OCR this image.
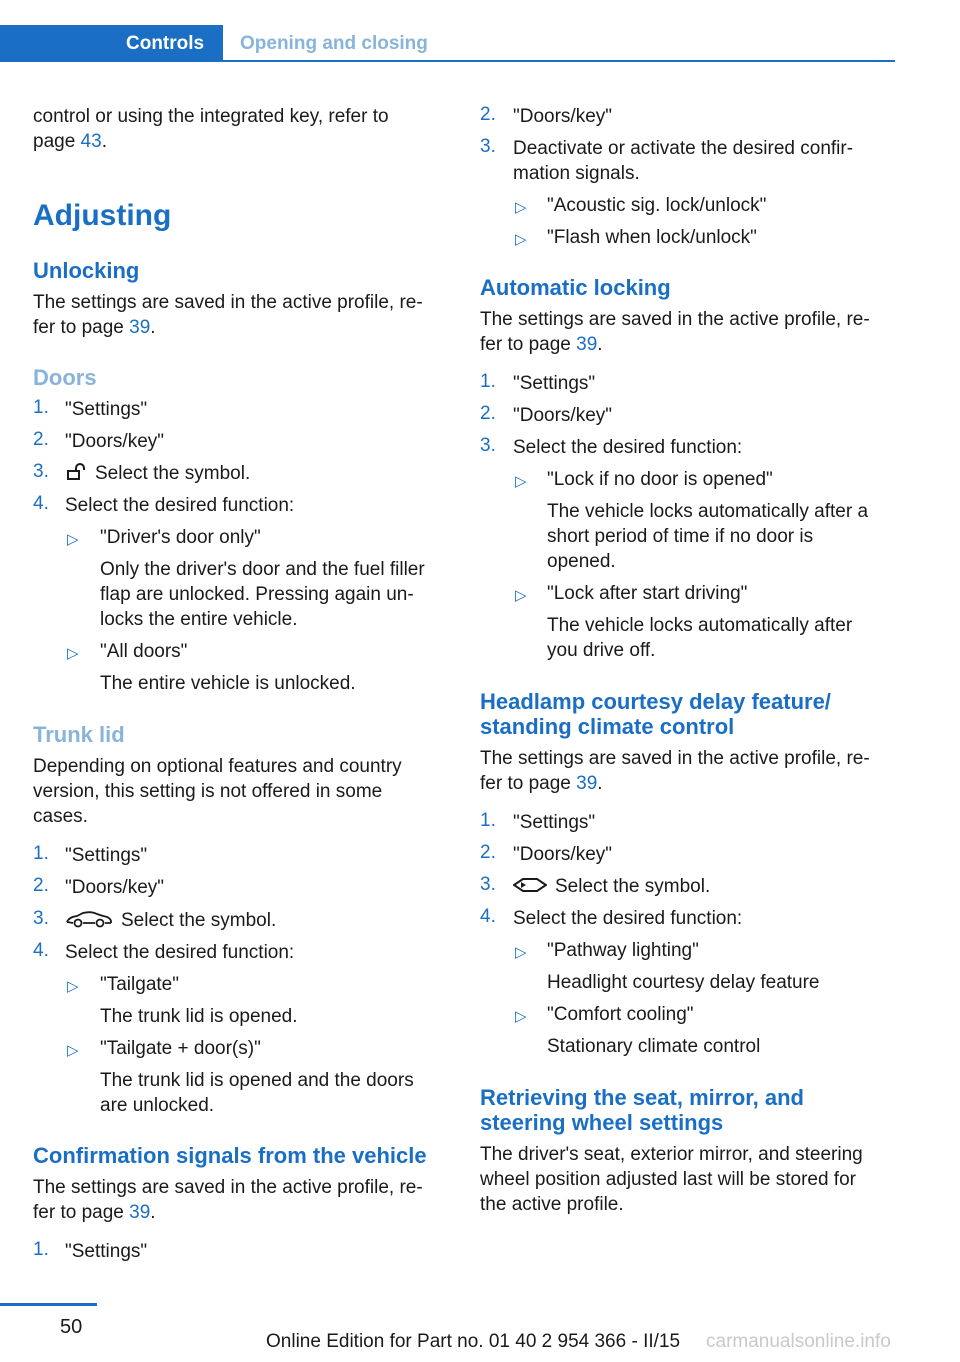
Controls	Opening and closing
control or using the integrated key, refer to
page 43.
Adjusting
Unlocking
The settings are saved in the active profile, re‐
fer to page 39.
Doors
1. "Settings"
2. "Doors/key"
3.	Select the symbol.
4. Select the desired function:
▷ "Driver's door only"
Only the driver's door and the fuel filler
flap are unlocked. Pressing again un‐
locks the entire vehicle.
▷ "All doors"
The entire vehicle is unlocked.
Trunk lid
Depending on optional features and country
version, this setting is not offered in some
cases.
1. "Settings"
2. "Doors/key"
3.	Select the symbol.
4. Select the desired function:
▷ "Tailgate"
The trunk lid is opened.
▷ "Tailgate + door(s)"
The trunk lid is opened and the doors
are unlocked.
Confirmation signals from the vehicle
The settings are saved in the active profile, re‐
fer to page 39.
1. "Settings"
2. "Doors/key"
3. Deactivate or activate the desired confir‐
mation signals.
▷ "Acoustic sig. lock/unlock"
▷ "Flash when lock/unlock"
Automatic locking
The settings are saved in the active profile, re‐
fer to page 39.
1. "Settings"
2. "Doors/key"
3. Select the desired function:
▷ "Lock if no door is opened"
The vehicle locks automatically after a
short period of time if no door is
opened.
▷ "Lock after start driving"
The vehicle locks automatically after
you drive off.
Headlamp courtesy delay feature/
standing climate control
The settings are saved in the active profile, re‐
fer to page 39.
1. "Settings"
2. "Doors/key"
3.	Select the symbol.
4. Select the desired function:
▷ "Pathway lighting"
Headlight courtesy delay feature
▷ "Comfort cooling"
Stationary climate control
Retrieving the seat, mirror, and
steering wheel settings
The driver's seat, exterior mirror, and steering
wheel position adjusted last will be stored for
the active profile.
50
Online Edition for Part no. 01 40 2 954 366 - II/15 carmanualsonline.info
